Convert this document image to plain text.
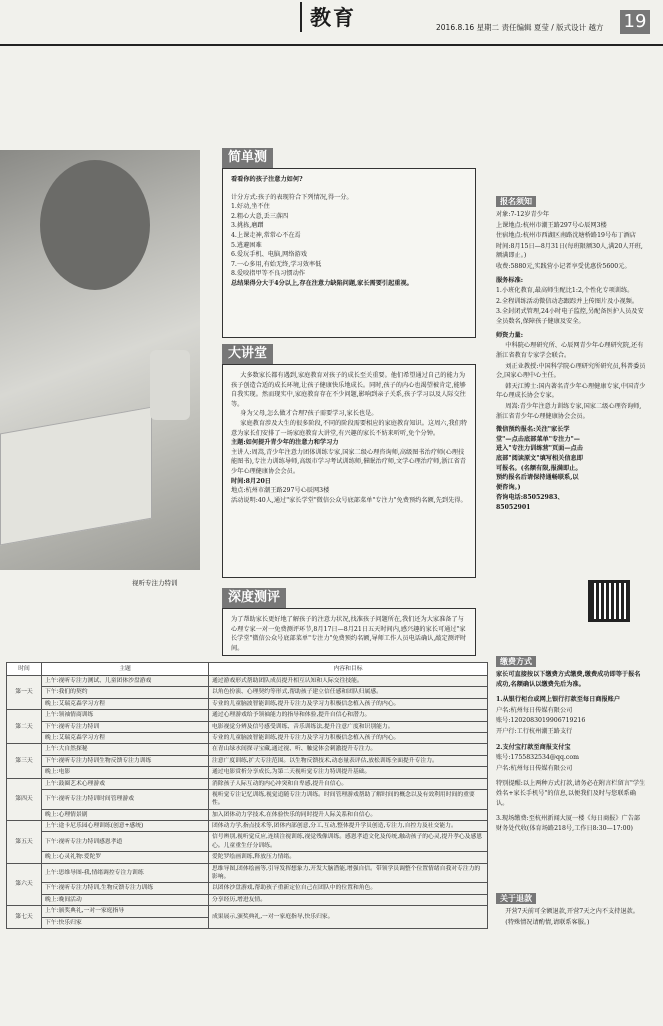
教育	2016.8.16 星期二 责任编辑 夏莹 / 版式设计 越方 19
视听专注力特训
简单测

看看你的孩子注意力如何?

计分方式:孩子的表现符合下列情况,得一分。

1.好动,坐不住

2.粗心大意,丢三落四

3.挑拣,磨蹭

4.上课走神,常常心不在焉

5.逃避困难

6.爱玩手机、电脑,网络游戏

7.一心多用,有始无终,学习效率低

8.爱咬指甲等不良习惯动作

总结果得分大于4分以上,存在注意力缺陷问题,家长需要引起重视。

大讲堂

大多数家长都有遇到,家庭教育对孩子的成长至关重要。他们希望通过自己的能力为孩子创造合适的成长环境,让孩子健康快乐地成长。同时,孩子的内心也渴望被肯定,能够自我实现。然而现实中,家庭教育存在不少问题,影响到亲子关系,孩子学习以及人际交往等。

身为父母,怎么做才合理?孩子需要学习,家长也是。

家庭教育涉及大生的很多阶段,不同的阶段需要相应的家庭教育知识。这周六,我们特意为家长们安排了一场家庭教育大讲堂,有兴趣的家长不妨来听听,免个分钟。

主题:如何提升青少年的注意力和学习力

主讲人:周嵩,青少年注意力团体训练专家,国家二级心理咨询师,高级图书治疗师(心理技能图书),专注力训练导师,高级市学习考试训练师,催眠治疗师,文学心理治疗师,浙江省青少年心理健康协会会员。

时间:8月20日

地点:杭州市潮王路297号心辰网3楼

活动说明:40人,通过"家长学堂"微信公众号底部菜单"专注力"免费预约名额,先到先得。

深度测评

为了帮助家长更好地了解孩子的注意力状况,找准孩子问题所在,我们还为大家准备了与心理专家一对一免费测评环节,8月17日—8月21日五天时间内,感兴趣的家长可通过"家长学堂"微信公众号底部菜单"专注力"免费预约名额,导师工作人员电话确认,敲定测评时间。

报名须知

对象:7-12岁青少年

上课地点:杭州市潮王路297号心辰网3楼

住宿地点:杭州市西湖区南路沈塘桥路19号布丁酒店

时间:8月15日—8月31日(每班限额30人,满20人开班,额满即止。)

收费:5880元,实践营小记者享受优惠价5600元。

服务标准:

1.小班化教育,最高师生配比1:2,个性化专项训练。

2.全程训练活动微信动态跟踪并上传图片及小视频。

3.全封闭式管理,24小时电子监控,另配备医护人员及安全员数名,保障孩子健康及安全。

师资力量:

中科院心理研究所、心辰网青少年心理研究院,还有浙江省教育专家学会联合。

刘正业教授:中国科学院心理研究所研究员,科普委员会,国家心理中心主任。

韩天江博士:国内著名青少年心理健康专家,中国青少年心理成长协会专家。

周嵩:青少年注意力训练专家,国家二级心理咨询师,浙江省青少年心理健康协会会员。

微信预约报名:关注"家长学堂"—点击底部菜单"专注力"—进入"专注力训练营"页面—点击底部"阅读原文"填写相关信息即可报名。(名额有限,报满即止。预约报名后请保持通畅联系,以便咨询。)

咨询电话:85052983、85052901

缴费方式

家长可直接按以下缴费方式缴费,缴费成功即等于报名成功,名额确认以缴费先后为准。

1.从银行柜台或网上银行打款至每日商报账户

户名:杭州每日传媒有限公司

账号:1202083019906719216

开户行:工行杭州潮王路支行

2.支付宝打款至商报支付宝

账号:1755832534@qq.com

户名:杭州每日传媒有限公司

特别提醒:以上两种方式打款,请务必在附言栏留言"学生姓名+家长手机号"的信息,以便我们及时与您联系确认。

3.现场缴费:至杭州新闻大厦一楼《每日商报》广告部财务处代收(体育场路218号,工作日8:30—17:00)

关于退款

开营7天前可全额退款,开营7天之内不支持退款。

(特殊情况请酌情,请联系客服。)

时间	主题	内容和目标
第一天	上午:视听专注力测试、儿童团体沙盘游戏	通过游戏形式帮助团队成员提升相互认知和人际交往技能。
	下午:我们的契约	以角色扮演、心理契约等形式,帮助孩子建立信任感和团队归属感。
	晚上:艾瑞克森学习方程	专业的儿童脑波智能训练,提升专注力及学习力积极信念植入孩子的内心。
第二天	上午:领袖情商训练	通过心理游戏给予领袖能力的指导和体验,提升自信心和潜力。
	下午:视听专注力特训	电影视觉分辨及信号感受训练、音乐训练法,提升注意广度和识别能力。
	晚上:艾瑞克森学习方程	专业的儿童脑波智能训练,提升专注力及学习力积极信念植入孩子的内心。
第三天	上午:大自然探秘	在青山绿水间探寻宝藏,通过视、听、触觉体会刺激提升专注力。
	下午:视听专注力特训生物反馈专注力训练	注意广度训练,扩大专注范围。以生物反馈技术,动态量表评估,放松训练全面提升专注力。
	晚上:电影	通过电影赏析分享成长,为第二天视听觉专注力特训提升基础。
第四天	上午:鼓圈艺术心理游戏	消除孩子人际互动的内心冲突和自卑感,提升自信心。
	下午:视听专注力特训时间管理游戏	视听觉专注记忆训练,视觉追随专注力训练。时间管理游戏帮助了解时间的概念以及有效利用时间的重要性。
	晚上:心理情景剧	加入团体动力学技术,在体验快乐的同时提升人际关系和自信心。
第五天	上午:途卡尼乐园心理训练(创意+感统)	团体动力学,指点技术等,团体内部创意,分工,互动,整体提升学员创造,专注力,自控力及社交能力。
	下午:视听专注力特训感恩孝道	信号辨别,视听觉反应,连续注视训练,视觉残像训练。感恩孝道文化及传统,触动孩子的心灵,提升孝心及感恩心。儿童重生仔分训练。
	晚上:心灵礼物:爱陀罗	爱陀罗绘画训练,释放压力情绪。
第六天	上午:思维导图-我,情绪调控专注力训练	思维导图,团体绘画等,引导发挥想象力,开发大脑潜能,增强自信。带领学员调整个位置情绪自我对专注力的影响。
	下午:视听专注力特训,生物反馈专注力训练	以团体沙盘游戏,帮助孩子重新定位自己在团队中的位置和角色。
	晚上:晚间活动	分享经历,增进友情。
第七天	上午:颁奖典礼,一对一家庭指导	成果展示,颁奖典礼,一对一家庭指导,快乐归家。
	下午:快乐归家	
